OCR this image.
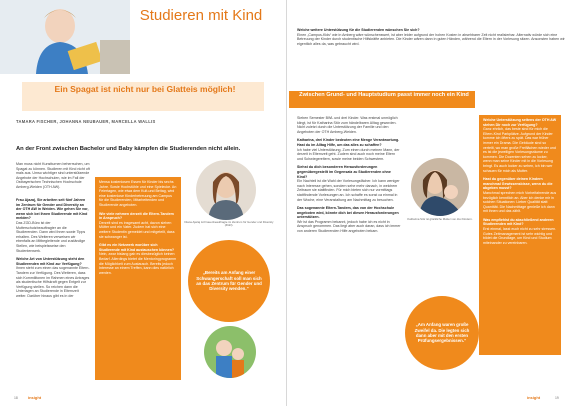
Studieren mit Kind
Ein Spagat ist nicht nur bei Glatteis möglich!
TAMARA FISCHER, JOHANNA NEUBAUER, MARCELLA WALLIS
An der Front zwischen Bachelor und Baby kämpfen die Studierenden nicht allein.
Man muss nicht Kunstturnen beherrschen, um Spagat zu können. Studieren mit Kind nicht oft mals aus. Umso wichtiger sind unterstützende Angebote der Hochschulen, wie im Fall der Ostbayerischen Technischen Hochschule Amberg-Weiden (OTH AW).
Frau Ajazaj, Sie arbeiten seit fünf Jahren im Zentrum für Gender und Diversity an der OTH AW in Weiden. Wie gehen Sie vor, wenn sich bei Ihnen Studierende mit Kind melden?
Das ZGD-Büro ist der Mutterschutzbeauftragter an die Studierenden. Dann wird ihnen sowie Tipps erhalten. Des Weiteren verweisen wir ebenfalls an Mitbegleitende und zuständige Stellen, wie beispielsweise den Studentenwerk.
Welche Art von Unterstützung steht den Studierenden mit Kind zur Verfügung?
Ihnen steht zum einen das sogenannte Eltern-Tandem zur Verfügung. Des Weiteren, dass sich Kommilitonen im Rahmen eines Antrages als studentische Hilfskraft gegen Entgelt zur Verfügung stellen. So reichen dann die Unterlagen an Studierende in Elternzeit weiter. Darüber hinaus gibt es in der
Mensa kostenlosen Essen für Kinder bis sechs Jahre. Sowie Hochstühle und eine Spielecke. An Feiertagen, wie etwa dem Kult-und Beitag, wird eine kostenlose Kinderbetreuung am Campus für die Studierenden, Mitarbeitenden und Studierende angeboten.
Wie viele nehmen derzeit die Eltern-Tandem in Anspruch?
Derzeit sind es insgesamt acht, davon sieben Mütter und ein Vater. Zudem hat sich eine weitere Studentin gemeldet und mitgeteilt, dass sie schwanger ist.
Gibt es ein Netzwerk worüber sich Studierende mit Kind austauschen können?
Nein, zwar bislang gab es diesbezüglich keinen Bedarf. Allerdings bietet die Mentoringprogramm die Möglichkeit zum Austausch. Bereits jedoch Interesse an einem Treffen, kann dies natürlich werden.
Diana Ajazaj ist Frauenbeauftragte im Zentrum für Gender und Diversity (ZGD).
„Bereits am Anfang einer Schwangerschaft soll man sich an das Zentrum für Gender und Diversity wenden.“
18	insight
Welche weitere Unterstützung für die Studierenden wünschen Sie sich?
Einen „Campus-Kids“ wie in Amberg wäre wünschenswert, ist aber leider aufgrund der hohen Kosten in absehbarer Zeit nicht realisierbar. Alternativ würde sich eine Betreuung der Kinder durch studentische Hilfskräfte anbieten. Die Kinder wären dann in guten Händen, während die Eltern in der Vorlesung sitzen. Ansonsten haben wir eigentlich alles da, was gebraucht wird.
Zwischen Grund- und Hauptstudium passt immer noch ein Kind
Sieben Semester BWL und drei Kinder. Was erstmal unmöglich klingt, ist für Katharina Stör zum händelbaren Alltag geworden. Nicht zuletzt durch die Unterstützung der Familie und den Angeboten der OTH Amberg-Weiden.
Katharina, drei Kinder bedeuten eine Menge Verantwortung. Hast du im Alltag Hilfe, um das alles zu schaffen?
Ich habe viel Unterstützung. Zum einen durch meinen Mann, der derzeit in Elternzeit geht. Zudem sind auch noch meine Eltern und Schwiegereltern, sowie meine beiden Schwestern.
Siehst du dich besonderen Herausforderungen gegenübergestellt im Gegensatz zu Studierenden ohne Kind?
Ein Nachteil ist die Wahl der Vorlesungsfächer. Ich kann weniger nach Interesse gehen, sondern sehe mehr danach, in welchem Zeitraum sie stattfinden. Für mich bieten sich nur vormittags stattfindende Vorlesungen an. Ich schaffe es sonst ca einmal in der Woche, eine Veranstaltung am Nachmittag zu besuchen.
Das sogenannte Eltern-Tandem, das von der Hochschule angeboten wird, könnte dich bei diesen Herausforderungen unterstützen.
Wir ist das Programm bekannt, jedoch habe ich es nicht in Anspruch genommen. Das liegt aber auch daran, dass ich immer von anderen Studierenden Hilfe angeboten bekam.
Katharina Stör ist glückliche Mutter von drei Kindern.
„Am Anfang waren große Zweifel da. Die legten sich dann aber mit den ersten Prüfungsergebnissen.“
Welche Unterstützung seitens der OTH AW stehen Dir noch zur Verfügung?
Ganz ehrlich, das beste sind für mich die Eltern-Kind Parkplätze. Aufgrund der Kinder komme ich öfters zu spät. Das war früher immer ein Drama. Die Gebäude sind so verteilt, wo man große Freiflächen wieder und es ist die jeweiligen Vorlesungsräume zu kommen. Die Dozenten sehen zu locker, wenn man seine Kinder mit in die Vorlesung bringt. Es auch locker zu sehen, ich bin wer schauen für mich als Mutter.
Hast du gegenüber deinen Kindern manchmal Gewissensbisse, wenn du die abgeben musst?
Manchmal sprechen mich Vorbeifahrende aus bezüglich kenntlich an. Aber ich denke mir in solchen Situationen: Lieber Qualität statt Quantität. Die Nachmittage genieße ich dann mit ihnen und das zählt.
Was empfiehlst du abschließend anderen Studierenden mit Kind?
Erst einmal, lasst euch nicht zu sehr stressen. Gutes Zeitmanagement ist sehr wichtig und bildet die Grundlage, um Kind und Studium miteinander zu vereinbaren.
insight	19
